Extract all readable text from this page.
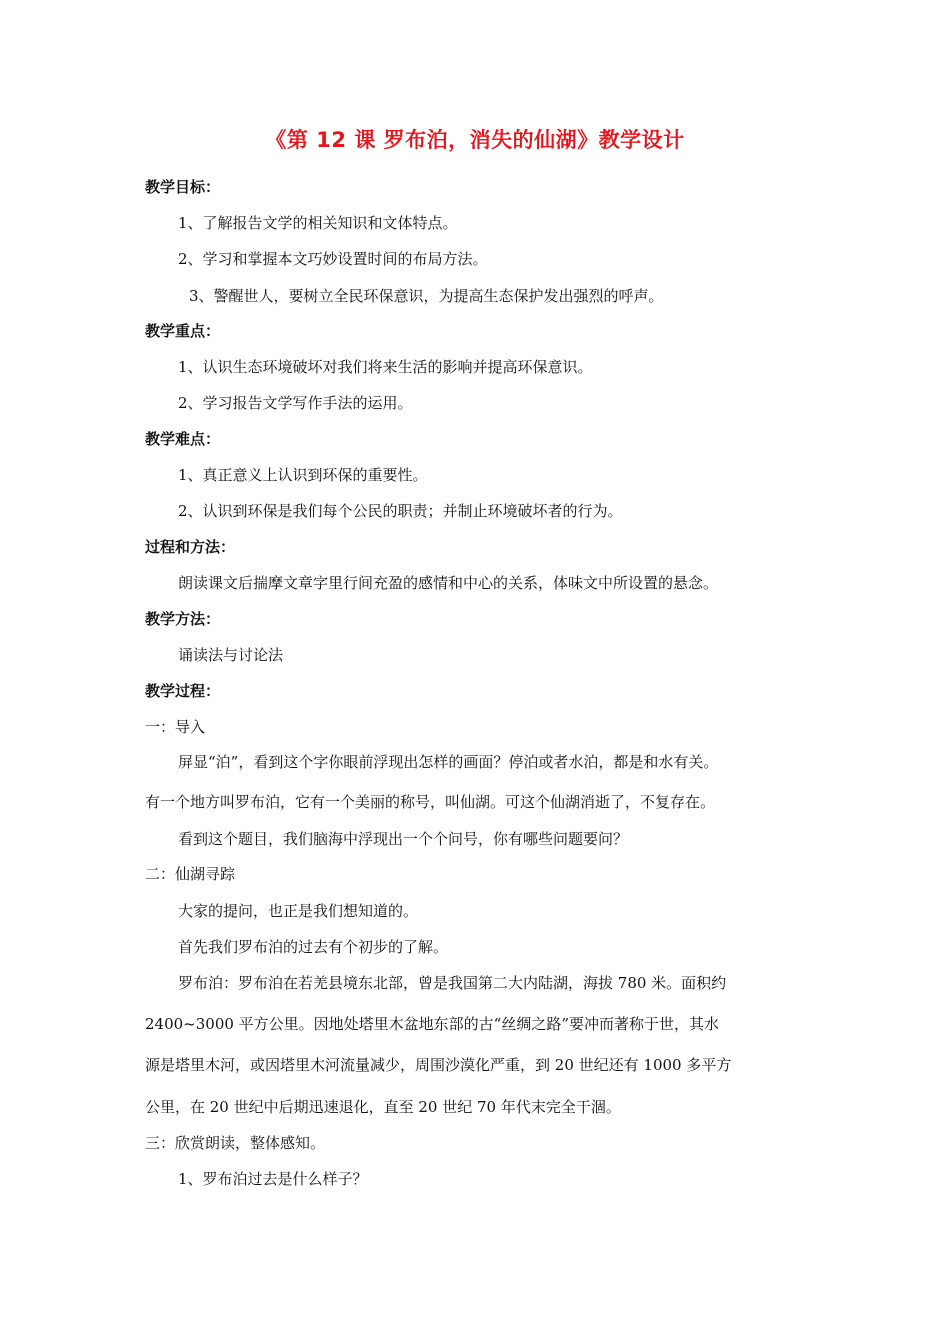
《第 12 课 罗布泊，消失的仙湖》教学设计
教学目标：
1、了解报告文学的相关知识和文体特点。
2、学习和掌握本文巧妙设置时间的布局方法。
3、警醒世人，要树立全民环保意识，为提高生态保护发出强烈的呼声。
教学重点：
1、认识生态环境破坏对我们将来生活的影响并提高环保意识。
2、学习报告文学写作手法的运用。
教学难点：
1、真正意义上认识到环保的重要性。
2、认识到环保是我们每个公民的职责；并制止环境破坏者的行为。
过程和方法：
朗读课文后揣摩文章字里行间充盈的感情和中心的关系，体味文中所设置的悬念。
教学方法：
诵读法与讨论法
教学过程：
一：导入
屏显“泊”，看到这个字你眼前浮现出怎样的画面？停泊或者水泊，都是和水有关。
有一个地方叫罗布泊，它有一个美丽的称号，叫仙湖。可这个仙湖消逝了，不复存在。
看到这个题目，我们脑海中浮现出一个个问号，你有哪些问题要问？
二：仙湖寻踪
大家的提问，也正是我们想知道的。
首先我们罗布泊的过去有个初步的了解。
罗布泊：罗布泊在若羌县境东北部，曾是我国第二大内陆湖，海拔 780 米。面积约
2400~3000 平方公里。因地处塔里木盆地东部的古“丝绸之路”要冲而著称于世，其水
源是塔里木河，或因塔里木河流量减少，周围沙漠化严重，到 20 世纪还有 1000 多平方
公里，在 20 世纪中后期迅速退化，直至 20 世纪 70 年代末完全干涸。
三：欣赏朗读，整体感知。
1、罗布泊过去是什么样子？
